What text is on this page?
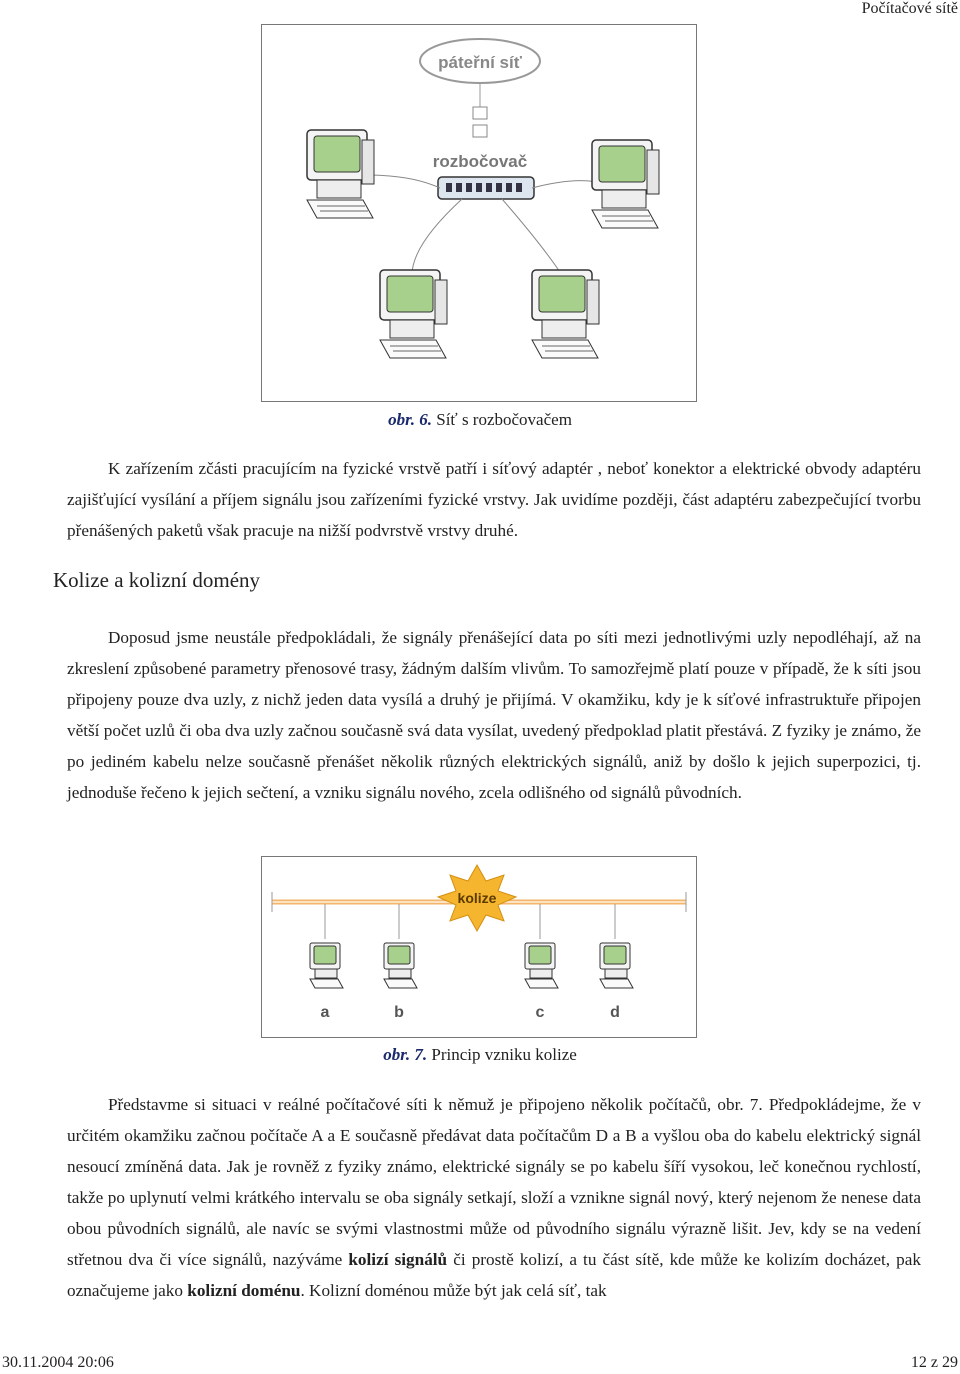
Počítačové sítě
páteřní síť
rozbočovač
obr. 6. Síť s rozbočovačem
K zařízením zčásti pracujícím na fyzické vrstvě patří i síťový adaptér , neboť konektor a elektrické obvody adaptéru zajišťující vysílání a příjem signálu jsou zařízeními fyzické vrstvy. Jak uvidíme později, část adaptéru zabezpečující tvorbu přenášených paketů však pracuje na nižší podvrstvě vrstvy druhé.
Kolize a kolizní domény
Doposud jsme neustále předpokládali, že signály přenášející data po síti mezi jednotlivými uzly nepodléhají, až na zkreslení způsobené parametry přenosové trasy, žádným dalším vlivům. To samozřejmě platí pouze v případě, že k síti jsou připojeny pouze dva uzly, z nichž jeden data vysílá a druhý je přijímá. V okamžiku, kdy je k síťové infrastruktuře připojen větší počet uzlů či oba dva uzly začnou současně svá data vysílat, uvedený předpoklad platit přestává. Z fyziky je známo, že po jediném kabelu nelze současně přenášet několik různých elektrických signálů, aniž by došlo k jejich superpozici, tj. jednoduše řečeno k jejich sečtení, a vzniku signálu nového, zcela odlišného od signálů původních.
kolize
a	b	c	d
obr. 7. Princip vzniku kolize
Představme si situaci v reálné počítačové síti k němuž je připojeno několik počítačů, obr. 7. Předpokládejme, že v určitém okamžiku začnou počítače A a E současně předávat data počítačům D a B a vyšlou oba do kabelu elektrický signál nesoucí zmíněná data. Jak je rovněž z fyziky známo, elektrické signály se po kabelu šíří vysokou, leč konečnou rychlostí, takže po uplynutí velmi krátkého intervalu se oba signály setkají, složí a vznikne signál nový, který nejenom že nenese data obou původních signálů, ale navíc se svými vlastnostmi může od původního signálu výrazně lišit. Jev, kdy se na vedení střetnou dva či více signálů, nazýváme kolizí signálů či prostě kolizí, a tu část sítě, kde může ke kolizím docházet, pak označujeme jako kolizní doménu. Kolizní doménou může být jak celá síť, tak
30.11.2004 20:06	12 z 29
